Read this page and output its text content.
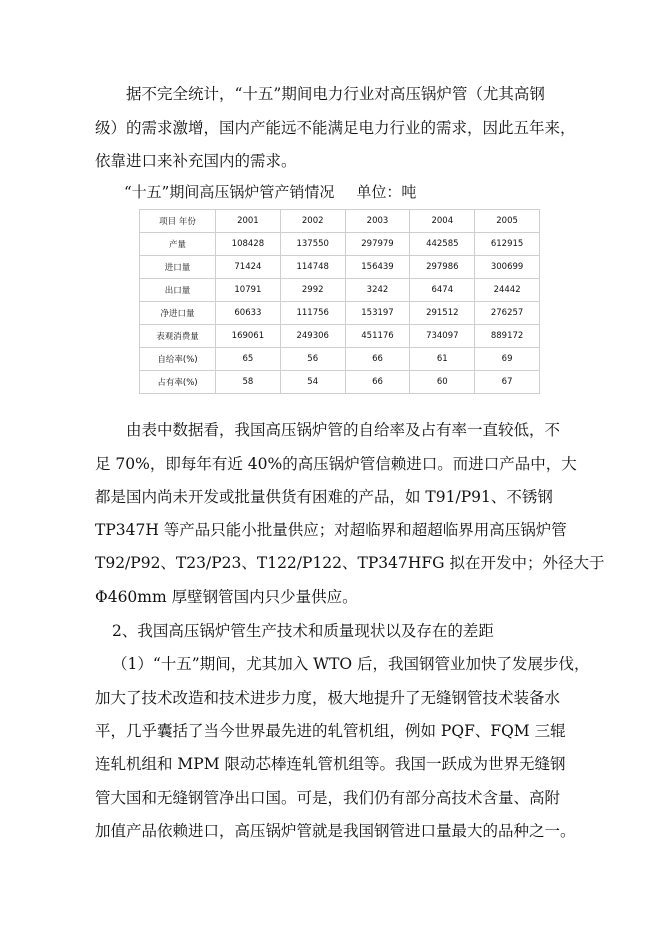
据不完全统计，“十五”期间电力行业对高压锅炉管（尤其高钢
级）的需求激增，国内产能远不能满足电力行业的需求，因此五年来，
依靠进口来补充国内的需求。
“十五”期间高压锅炉管产销情况 单位：吨
项目 年份	2001	2002	2003	2004	2005
产量	108428	137550	297979	442585	612915
进口量	71424	114748	156439	297986	300699
出口量	10791	2992	3242	6474	24442
净进口量	60633	111756	153197	291512	276257
表观消费量	169061	249306	451176	734097	889172
自给率(%)	65	56	66	61	69
占有率(%)	58	54	66	60	67
由表中数据看，我国高压锅炉管的自给率及占有率一直较低，不
足 70%，即每年有近 40%的高压锅炉管信赖进口。而进口产品中，大
都是国内尚未开发或批量供货有困难的产品，如 T91/P91、不锈钢
TP347H 等产品只能小批量供应；对超临界和超超临界用高压锅炉管
T92/P92、T23/P23、T122/P122、TP347HFG 拟在开发中；外径大于
Φ460mm 厚壁钢管国内只少量供应。
2、我国高压锅炉管生产技术和质量现状以及存在的差距
（1）“十五”期间，尤其加入 WTO 后，我国钢管业加快了发展步伐，
加大了技术改造和技术进步力度，极大地提升了无缝钢管技术装备水
平，几乎囊括了当今世界最先进的轧管机组，例如 PQF、FQM 三辊
连轧机组和 MPM 限动芯棒连轧管机组等。我国一跃成为世界无缝钢
管大国和无缝钢管净出口国。可是，我们仍有部分高技术含量、高附
加值产品依赖进口，高压锅炉管就是我国钢管进口量最大的品种之一。
